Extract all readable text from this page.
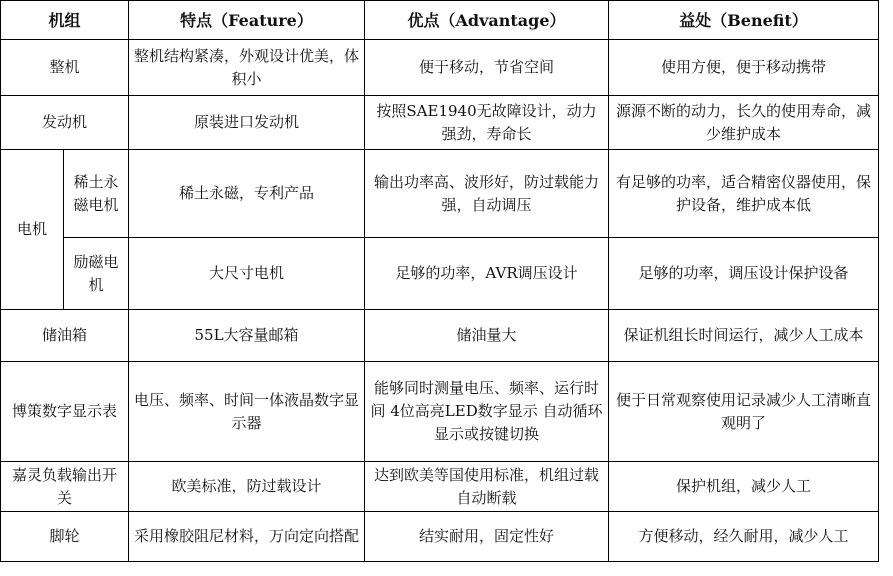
机组		特点（Feature）	优点（Advantage）	益处（Benefit）
整机		整机结构紧凑，外观设计优美，体积小	便于移动，节省空间	使用方便，便于移动携带
发动机		原装进口发动机	按照SAE1940无故障设计，动力强劲，寿命长	源源不断的动力，长久的使用寿命，减少维护成本
电机	稀土永磁电机	稀土永磁，专利产品	输出功率高、波形好，防过载能力强，自动调压	有足够的功率，适合精密仪器使用，保护设备，维护成本低
	励磁电机	大尺寸电机	足够的功率，AVR调压设计	足够的功率，调压设计保护设备
储油箱		55L大容量邮箱	储油量大	保证机组长时间运行，减少人工成本
博策数字显示表		电压、频率、时间一体液晶数字显示器	能够同时测量电压、频率、运行时间 4位高亮LED数字显示 自动循环显示或按键切换	便于日常观察使用记录减少人工清晰直观明了
嘉灵负载输出开关		欧美标准，防过载设计	达到欧美等国使用标准，机组过载自动断载	保护机组，减少人工
脚轮		采用橡胶阻尼材料，万向定向搭配	结实耐用，固定性好	方便移动，经久耐用，减少人工
